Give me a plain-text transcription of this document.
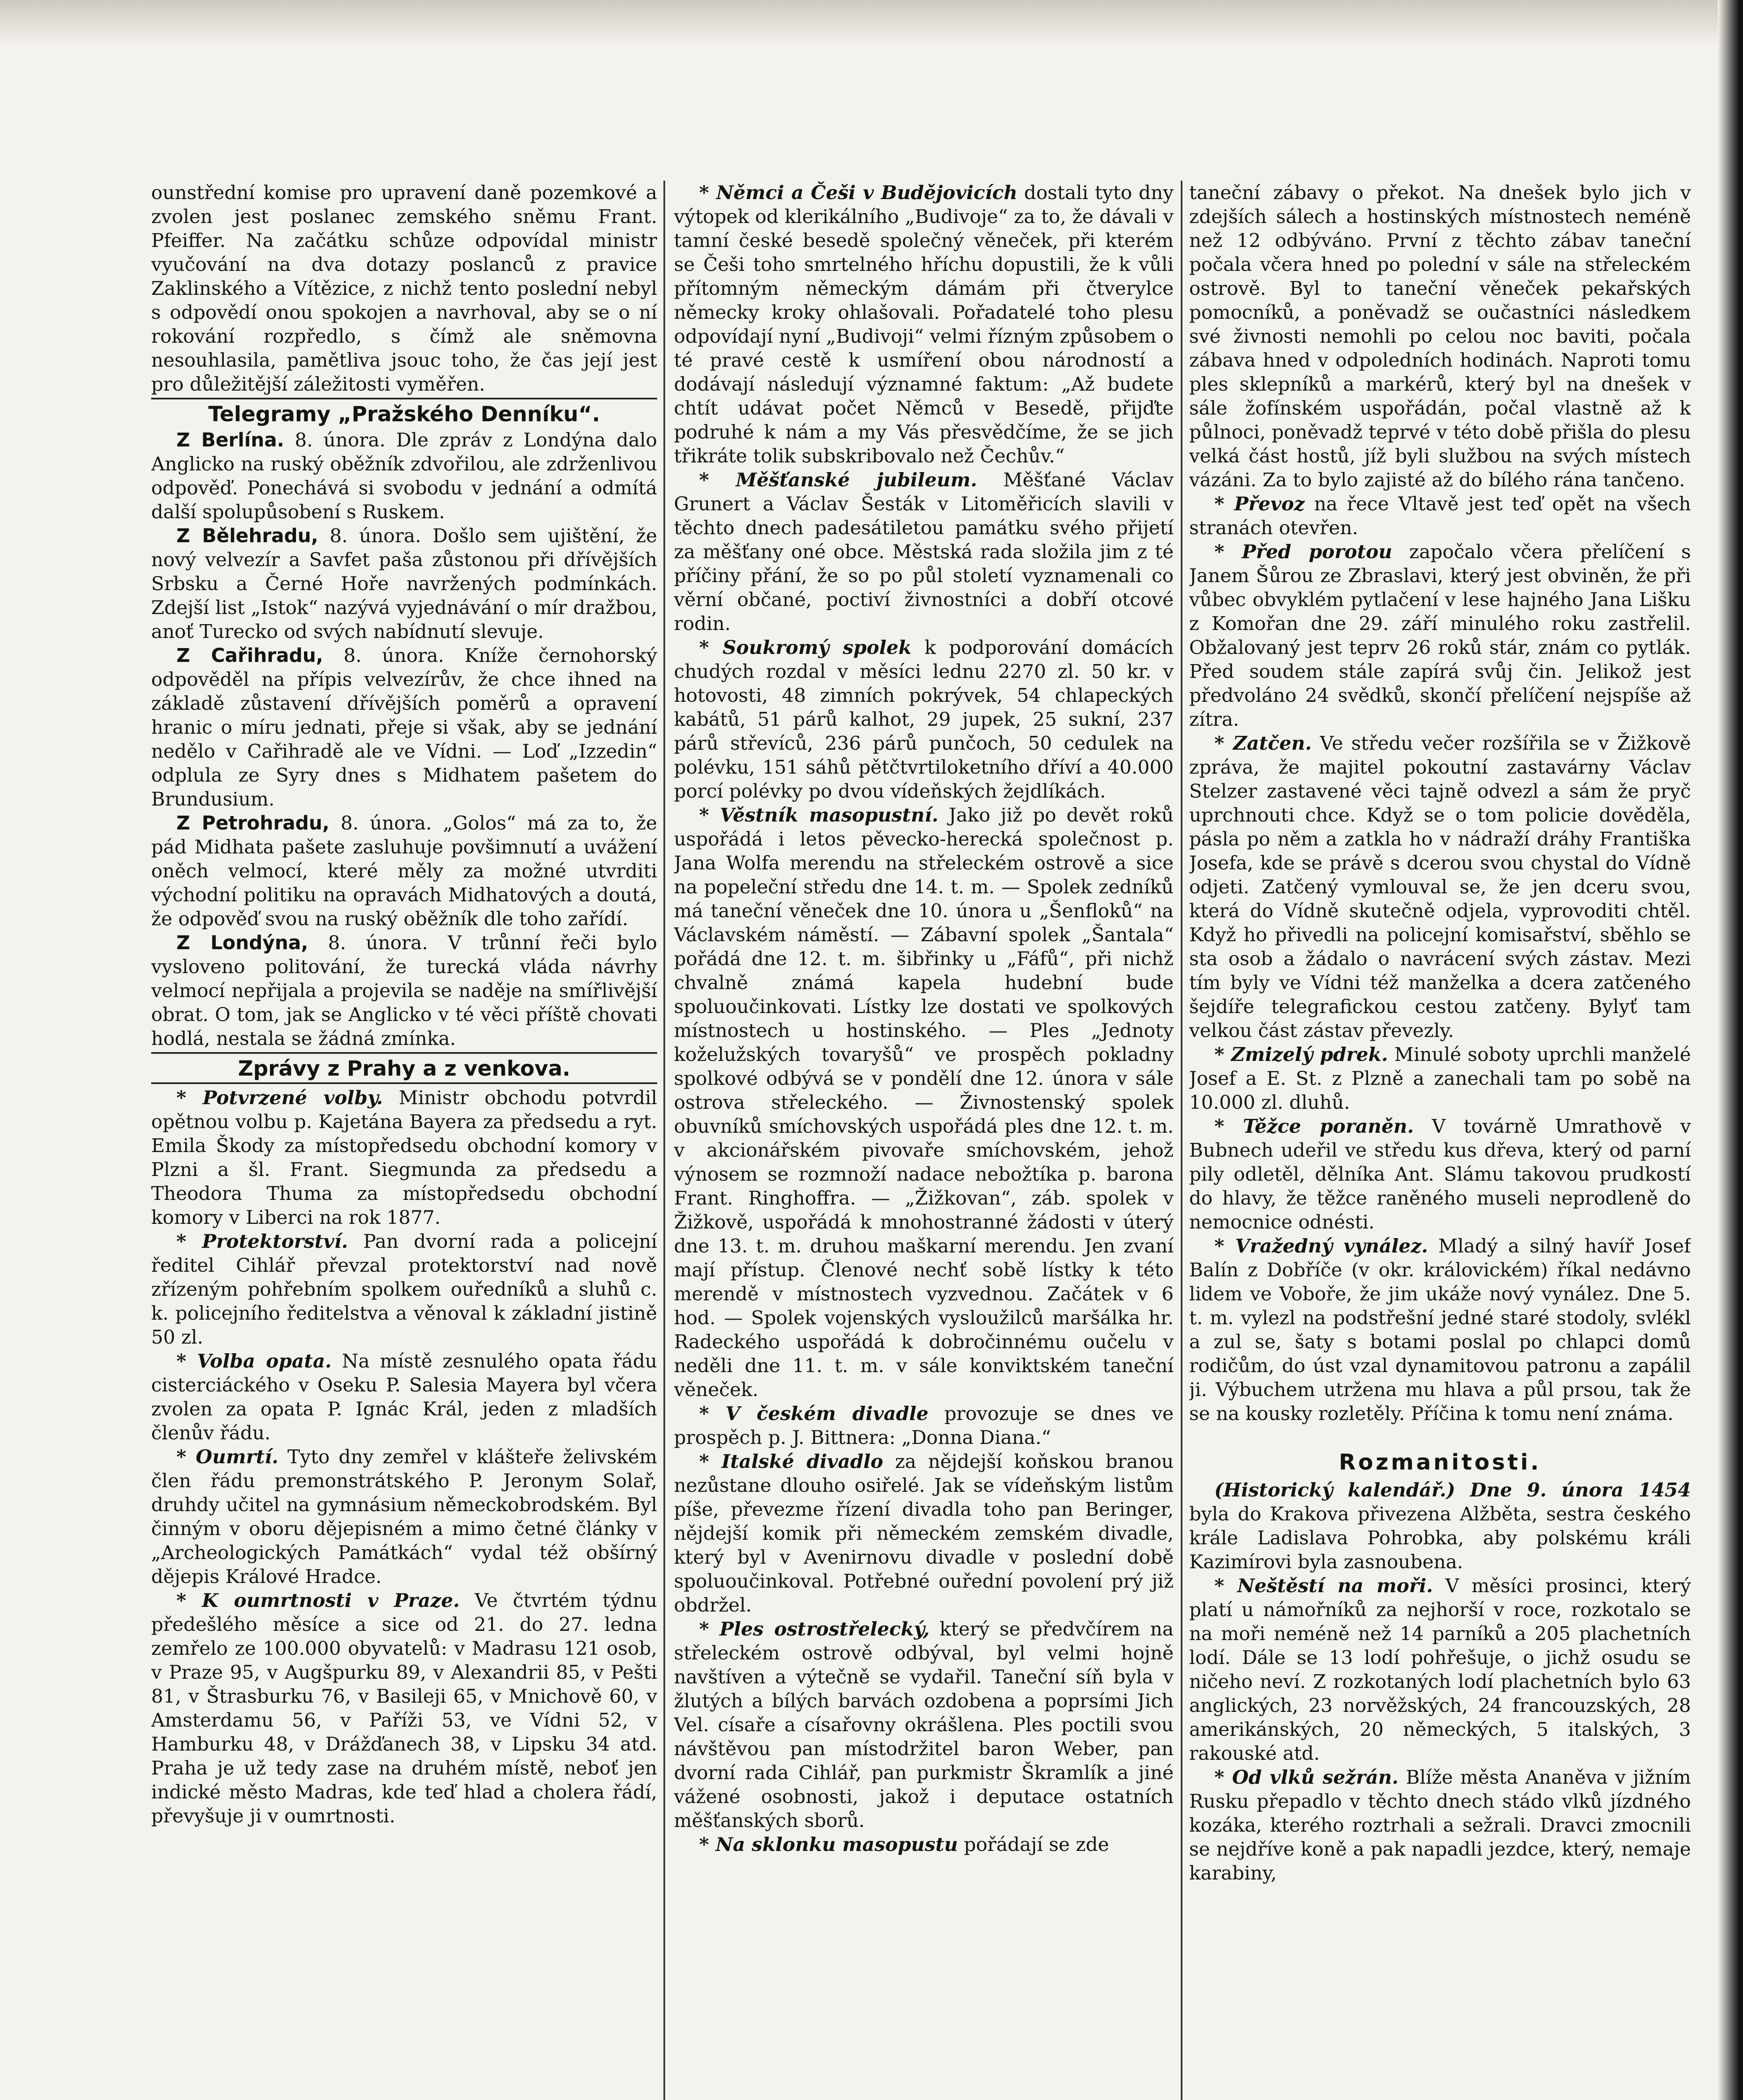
ounstřední komise pro upravení daně pozemkové a zvolen jest poslanec zemského sněmu Frant. Pfeiffer. Na začátku schůze odpovídal ministr vyučování na dva dotazy poslanců z pravice Zaklinského a Vítězice, z nichž tento poslední nebyl s odpovědí onou spokojen a navrhoval, aby se o ní rokování rozpředlo, s čímž ale sněmovna nesouhlasila, pamětliva jsouc toho, že čas její jest pro důležitější záležitosti vyměřen.

Telegramy „Pražského Denníku“.

Z Berlína. 8. února. Dle zpráv z Londýna dalo Anglicko na ruský oběžník zdvořilou, ale zdrženlivou odpověď. Ponechává si svobodu v jednání a odmítá další spolupůsobení s Ruskem.

Z Bělehradu, 8. února. Došlo sem ujištění, že nový velvezír a Savfet paša zůstonou při dřívějších Srbsku a Černé Hoře navržených podmínkách. Zdejší list „Istok“ nazývá vyjednávání o mír dražbou, anoť Turecko od svých nabídnutí slevuje.

Z Cařihradu, 8. února. Kníže černohorský odpověděl na přípis velvezírův, že chce ihned na základě zůstavení dřívějších poměrů a opravení hranic o míru jednati, přeje si však, aby se jednání nedělo v Cařihradě ale ve Vídni. — Loď „Izzedin“ odplula ze Syry dnes s Midhatem pašetem do Brundusium.

Z Petrohradu, 8. února. „Golos“ má za to, že pád Midhata pašete zasluhuje povšimnutí a uvážení oněch velmocí, které měly za možné utvrditi východní politiku na opravách Midhatových a doutá, že odpověď svou na ruský oběžník dle toho zařídí.

Z Londýna, 8. února. V trůnní řeči bylo vysloveno politování, že turecká vláda návrhy velmocí nepřijala a projevila se naděje na smířlivější obrat. O tom, jak se Anglicko v té věci příště chovati hodlá, nestala se žádná zmínka.

Zprávy z Prahy a z venkova.

* Potvrzené volby. Ministr obchodu potvrdil opětnou volbu p. Kajetána Bayera za předsedu a ryt. Emila Škody za místopředsedu obchodní komory v Plzni a šl. Frant. Siegmunda za předsedu a Theodora Thuma za místopředsedu obchodní komory v Liberci na rok 1877.

* Protektorství. Pan dvorní rada a policejní ředitel Cihlář převzal protektorství nad nově zřízeným pohřebním spolkem ouředníků a sluhů c. k. policejního ředitelstva a věnoval k základní jistině 50 zl.

* Volba opata. Na místě zesnulého opata řádu cisterciáckého v Oseku P. Salesia Mayera byl včera zvolen za opata P. Ignác Král, jeden z mladších členův řádu.

* Oumrtí. Tyto dny zemřel v klášteře želivském člen řádu premonstrátského P. Jeronym Solař, druhdy učitel na gymnásium německobrodském. Byl činným v oboru dějepisném a mimo četné články v „Archeologických Památkách“ vydal též obšírný dějepis Králové Hradce.

* K oumrtnosti v Praze. Ve čtvrtém týdnu předešlého měsíce a sice od 21. do 27. ledna zemřelo ze 100.000 obyvatelů: v Madrasu 121 osob, v Praze 95, v Augšpurku 89, v Alexandrii 85, v Pešti 81, v Štrasburku 76, v Basileji 65, v Mnichově 60, v Amsterdamu 56, v Paříži 53, ve Vídni 52, v Hamburku 48, v Drážďanech 38, v Lipsku 34 atd. Praha je už tedy zase na druhém místě, neboť jen indické město Madras, kde teď hlad a cholera řádí, převyšuje ji v oumrtnosti.

* Němci a Češi v Budějovicích dostali tyto dny výtopek od klerikálního „Budivoje“ za to, že dávali v tamní české besedě společný věneček, při kterém se Češi toho smrtelného hříchu dopustili, že k vůli přítomným německým dámám při čtverylce německy kroky ohlašovali. Pořadatelé toho plesu odpovídají nyní „Budivoji“ velmi řízným způsobem o té pravé cestě k usmíření obou národností a dodávají následují významné faktum: „Až budete chtít udávat počet Němců v Besedě, přijďte podruhé k nám a my Vás přesvědčíme, že se jich třikráte tolik subskribovalo než Čechův.“

* Měšťanské jubileum. Měšťané Václav Grunert a Václav Šesták v Litoměřicích slavili v těchto dnech padesátiletou památku svého přijetí za měšťany oné obce. Městská rada složila jim z té příčiny přání, že so po půl století vyznamenali co věrní občané, poctiví živnostníci a dobří otcové rodin.

* Soukromý spolek k podporování domácích chudých rozdal v měsíci lednu 2270 zl. 50 kr. v hotovosti, 48 zimních pokrývek, 54 chlapeckých kabátů, 51 párů kalhot, 29 jupek, 25 sukní, 237 párů střevíců, 236 párů punčoch, 50 cedulek na polévku, 151 sáhů pětčtvrtiloketního dříví a 40.000 porcí polévky po dvou vídeňských žejdlíkách.

* Věstník masopustní. Jako již po devět roků uspořádá i letos pěvecko-herecká společnost p. Jana Wolfa merendu na střeleckém ostrově a sice na popeleční středu dne 14. t. m. — Spolek zedníků má taneční věneček dne 10. února u „Šenfloků“ na Václavském náměstí. — Zábavní spolek „Šantala“ pořádá dne 12. t. m. šibřinky u „Fáfů“, při nichž chvalně známá kapela hudební bude spoluoučinkovati. Lístky lze dostati ve spolkových místnostech u hostinského. — Ples „Jednoty koželužských tovaryšů“ ve prospěch pokladny spolkové odbývá se v pondělí dne 12. února v sále ostrova střeleckého. — Živnostenský spolek obuvníků smíchovských uspořádá ples dne 12. t. m. v akcionářském pivovaře smíchovském, jehož výnosem se rozmnoží nadace nebožtíka p. barona Frant. Ringhoffra. — „Žižkovan“, záb. spolek v Žižkově, uspořádá k mnohostranné žádosti v úterý dne 13. t. m. druhou maškarní merendu. Jen zvaní mají přístup. Členové nechť sobě lístky k této merendě v místnostech vyzvednou. Začátek v 6 hod. — Spolek vojenských vysloužilců maršálka hr. Radeckého uspořádá k dobročinnému oučelu v neděli dne 11. t. m. v sále konviktském taneční věneček.

* V českém divadle provozuje se dnes ve prospěch p. J. Bittnera: „Donna Diana.“

* Italské divadlo za nějdejší koňskou branou nezůstane dlouho osiřelé. Jak se vídeňským listům píše, převezme řízení divadla toho pan Beringer, nějdejší komik při německém zemském divadle, který byl v Avenirnovu divadle v poslední době spoluoučinkoval. Potřebné ouřední povolení prý již obdržel.

* Ples ostrostřelecký, který se předvčírem na střeleckém ostrově odbýval, byl velmi hojně navštíven a výtečně se vydařil. Taneční síň byla v žlutých a bílých barvách ozdobena a poprsími Jich Vel. císaře a císařovny okrášlena. Ples poctili svou návštěvou pan místodržitel baron Weber, pan dvorní rada Cihlář, pan purkmistr Škramlík a jiné vážené osobnosti, jakož i deputace ostatních měšťanských sborů.

* Na sklonku masopustu pořádají se zde

taneční zábavy o překot. Na dnešek bylo jich v zdejších sálech a hostinských místnostech neméně než 12 odbýváno. První z těchto zábav taneční počala včera hned po polední v sále na střeleckém ostrově. Byl to taneční věneček pekařských pomocníků, a poněvadž se oučastníci následkem své živnosti nemohli po celou noc baviti, počala zábava hned v odpoledních hodinách. Naproti tomu ples sklepníků a markérů, který byl na dnešek v sále žofínském uspořádán, počal vlastně až k půlnoci, poněvadž teprvé v této době přišla do plesu velká část hostů, jíž byli službou na svých místech vázáni. Za to bylo zajisté až do bílého rána tančeno.

* Převoz na řece Vltavě jest teď opět na všech stranách otevřen.

* Před porotou započalo včera přelíčení s Janem Šůrou ze Zbraslavi, který jest obviněn, že při vůbec obvyklém pytlačení v lese hajného Jana Lišku z Komořan dne 29. září minulého roku zastřelil. Obžalovaný jest teprv 26 roků stár, znám co pytlák. Před soudem stále zapírá svůj čin. Jelikož jest předvoláno 24 svědků, skončí přelíčení nejspíše až zítra.

* Zatčen. Ve středu večer rozšířila se v Žižkově zpráva, že majitel pokoutní zastavárny Václav Stelzer zastavené věci tajně odvezl a sám že pryč uprchnouti chce. Když se o tom policie dověděla, pásla po něm a zatkla ho v nádraží dráhy Františka Josefa, kde se právě s dcerou svou chystal do Vídně odjeti. Zatčený vymlouval se, že jen dceru svou, která do Vídně skutečně odjela, vyprovoditi chtěl. Když ho přivedli na policejní komisařství, sběhlo se sta osob a žádalo o navrácení svých zástav. Mezi tím byly ve Vídni též manželka a dcera zatčeného šejdíře telegrafickou cestou zatčeny. Bylyť tam velkou část zástav převezly.

* Zmizelý pdrek. Minulé soboty uprchli manželé Josef a E. St. z Plzně a zanechali tam po sobě na 10.000 zl. dluhů.

* Těžce poraněn. V továrně Umrathově v Bubnech udeřil ve středu kus dřeva, který od parní pily odletěl, dělníka Ant. Slámu takovou prudkostí do hlavy, že těžce raněného museli neprodleně do nemocnice odnésti.

* Vražedný vynález. Mladý a silný havíř Josef Balín z Dobříče (v okr. královickém) říkal nedávno lidem ve Voboře, že jim ukáže nový vynález. Dne 5. t. m. vylezl na podstřešní jedné staré stodoly, svlékl a zul se, šaty s botami poslal po chlapci domů rodičům, do úst vzal dynamitovou patronu a zapálil ji. Výbuchem utržena mu hlava a půl prsou, tak že se na kousky rozletěly. Příčina k tomu není známa.

Rozmanitosti.

(Historický kalendář.) Dne 9. února 1454 byla do Krakova přivezena Alžběta, sestra českého krále Ladislava Pohrobka, aby polskému králi Kazimírovi byla zasnoubena.

* Neštěstí na moři. V měsíci prosinci, který platí u námořníků za nejhorší v roce, rozkotalo se na moři neméně než 14 parníků a 205 plachetních lodí. Dále se 13 lodí pohřešuje, o jichž osudu se ničeho neví. Z rozkotaných lodí plachetních bylo 63 anglických, 23 norvěžských, 24 francouzských, 28 amerikánských, 20 německých, 5 italských, 3 rakouské atd.

* Od vlků sežrán. Blíže města Ananěva v jižním Rusku přepadlo v těchto dnech stádo vlků jízdného kozáka, kterého roztrhali a sežrali. Dravci zmocnili se nejdříve koně a pak napadli jezdce, který, nemaje karabiny,
